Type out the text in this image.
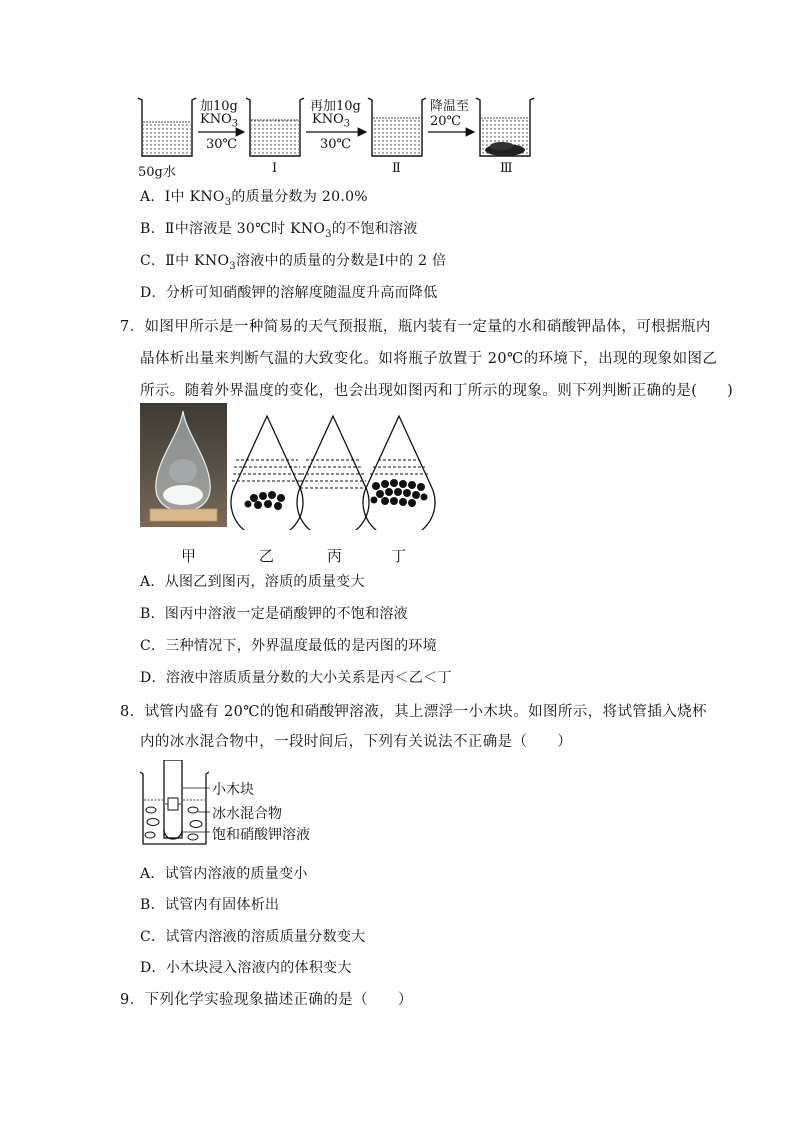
50g水
加10g
$KNO_3$
30℃
Ⅰ
再加10g
$KNO_3$
30℃
Ⅱ
降温至
20℃
Ⅲ
A．Ⅰ中 $KNO_3$的质量分数为 20.0%
B．Ⅱ中溶液是 30℃时 $KNO_3$的不饱和溶液
C．Ⅱ中 $KNO_3$溶液中的质量的分数是Ⅰ中的 2 倍
D．分析可知硝酸钾的溶解度随温度升高而降低
7．如图甲所示是一种简易的天气预报瓶，瓶内装有一定量的水和硝酸钾晶体，可根据瓶内
晶体析出量来判断气温的大致变化。如将瓶子放置于 20℃的环境下，出现的现象如图乙
所示。随着外界温度的变化，也会出现如图丙和丁所示的现象。则下列判断正确的是(　　)
甲	乙	丙	丁
A．从图乙到图丙，溶质的质量变大
B．图丙中溶液一定是硝酸钾的不饱和溶液
C．三种情况下，外界温度最低的是丙图的环境
D．溶液中溶质质量分数的大小关系是丙＜乙＜丁
8．试管内盛有 20℃的饱和硝酸钾溶液，其上漂浮一小木块。如图所示，将试管插入烧杯
内的冰水混合物中，一段时间后，下列有关说法不正确是（　　）
小木块
冰水混合物
饱和硝酸钾溶液
A．试管内溶液的质量变小
B．试管内有固体析出
C．试管内溶液的溶质质量分数变大
D．小木块浸入溶液内的体积变大
9．下列化学实验现象描述正确的是（　　）
